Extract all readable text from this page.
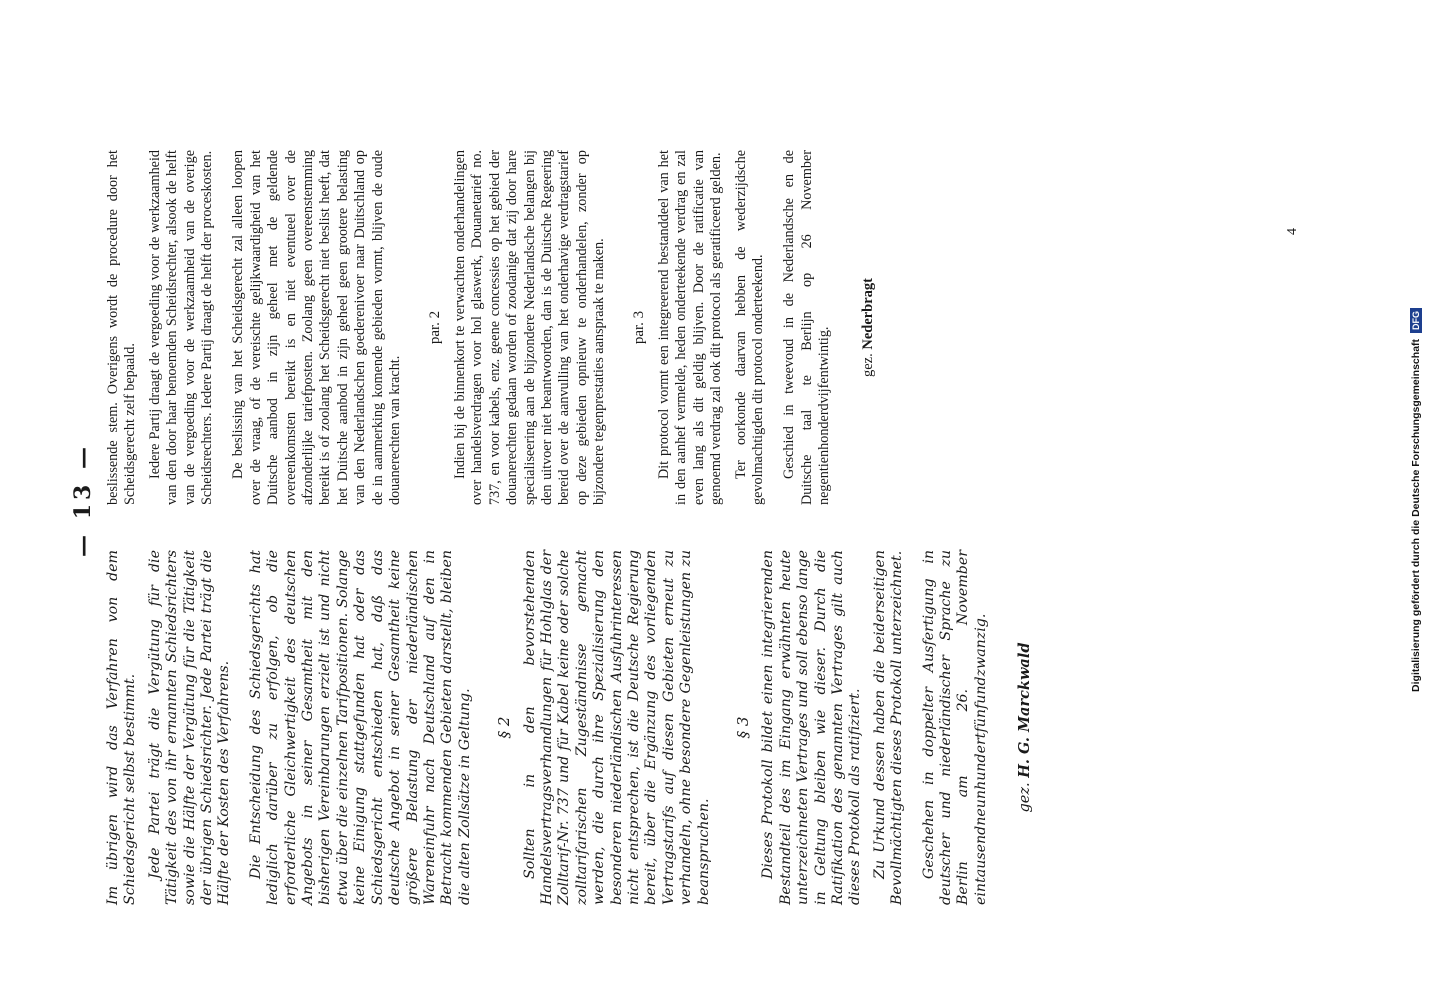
— 13 —

Im übrigen wird das Verfahren von dem Schiedsgericht selbst bestimmt. Jede Partei trägt die Vergütung für die Tätigkeit des von ihr ernannten Schiedsrichters sowie die Hälfte der Vergütung für die Tätigkeit der übrigen Schiedsrichter. Jede Partei trägt die Hälfte der Kosten des Verfahrens. Die Entscheidung des Schiedsgerichts hat lediglich darüber zu erfolgen, ob die erforderliche Gleichwertigkeit des deutschen Angebots in seiner Gesamtheit mit den bisherigen Vereinbarungen erzielt ist und nicht etwa über die einzelnen Tarifpositionen. Solange keine Einigung stattgefunden hat oder das Schiedsgericht entschieden hat, daß das deutsche Angebot in seiner Gesamtheit keine größere Belastung der niederländischen Wareneinfuhr nach Deutschland auf den in Betracht kommenden Gebieten darstellt, bleiben die alten Zollsätze in Geltung. § 2 Sollten in den bevorstehenden Handelsvertragsverhandlungen für Hohlglas der Zolltarif-Nr. 737 und für Kabel keine oder solche zolltarifarischen Zugeständnisse gemacht werden, die durch ihre Spezialisierung den besonderen niederländischen Ausfuhrinteressen nicht entsprechen, ist die Deutsche Regierung bereit, über die Ergänzung des vorliegenden Vertragstarifs auf diesen Gebieten erneut zu verhandeln, ohne besondere Gegenleistungen zu beanspruchen.

§ 3 Dieses Protokoll bildet einen integrierenden Bestandteil des im Eingang erwähnten heute unterzeichneten Vertrages und soll ebenso lange in Geltung bleiben wie dieser. Durch die Ratifikation des genannten Vertrages gilt auch dieses Protokoll als ratifiziert. Zu Urkund dessen haben die beiderseitigen Bevollmächtigten dieses Protokoll unterzeichnet. Geschehen in doppelter Ausfertigung in deutscher und niederländischer Sprache zu Berlin am 26. November eintausendneunhundertfünfundzwanzig. gez. H. G. Marckwald

beslissende stem. Overigens wordt de procedure door het Scheidsgerecht zelf bepaald. Iedere Partij draagt de vergoeding voor de werkzaamheid van den door haar benoemden Scheidsrechter, alsook de helft van de vergoeding voor de werkzaamheid van de overige Scheidsrechters. Iedere Partij draagt de helft der proceskosten. De beslissing van het Scheidsgerecht zal alleen loopen over de vraag, of de vereischte gelijkwaardigheid van het Duitsche aanbod in zijn geheel met de geldende overeenkomsten bereikt is en niet eventueel over de afzonderlijke tariefposten. Zoolang geen overeenstemming bereikt is of zoolang het Scheidsgerecht niet beslist heeft, dat het Duitsche aanbod in zijn geheel geen grootere belasting van den Nederlandschen goederenivoer naar Duitschland op de in aanmerking komende gebieden vormt, blijven de oude douanerechten van kracht.

par. 2 Indien bij de binnenkort te verwachten onderhandelingen over handelsverdragen voor hol glaswerk, Douanetarief no. 737, en voor kabels, enz. geene concessies op het gebied der douanerechten gedaan worden of zoodanige dat zij door hare specialiseering aan de bijzondere Nederlandsche belangen bij den uitvoer niet beantwoorden, dan is de Duitsche Regeering bereid over de aanvulling van het onderhavige verdragstarief op deze gebieden opnieuw te onderhandelen, zonder op bijzondere tegenprestaties aanspraak te maken. par. 3 Dit protocol vormt een integreerend bestanddeel van het in den aanhef vermelde, heden onderteekende verdrag en zal even lang als dit geldig blijven. Door de ratificatie van genoemd verdrag zal ook dit protocol als geratificeerd gelden. Ter oorkonde daarvan hebben de wederzijdsche gevolmachtigden dit protocol onderteekend. Geschied in tweevoud in de Nederlandsche en de Duitsche taal te Berlijn op 26 November negentienhonderdvijfentwintig. gez. Nederbragt
4
Digitalisierung gefördert durch die Deutsche Forschungsgemeinschaft DFG
